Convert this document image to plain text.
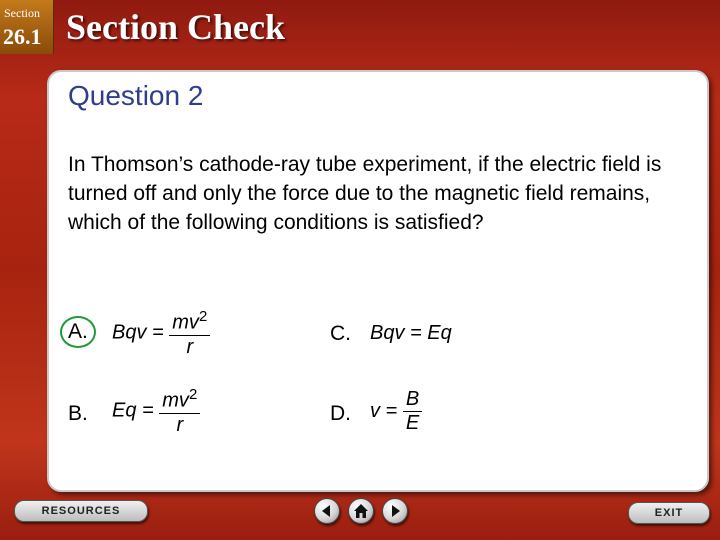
Section
26.1 Section Check
Question 2
In Thomson’s cathode-ray tube experiment, if the electric field is turned off and only the force due to the magnetic field remains, which of the following conditions is satisfied?
A.	Bqv = $\frac{mv^2}{r}$	C. Bqv = Eq
B. $Eq = \frac{mv^2}{r}$	D. $v = \frac{B}{E}$
RESOURCES	EXIT
